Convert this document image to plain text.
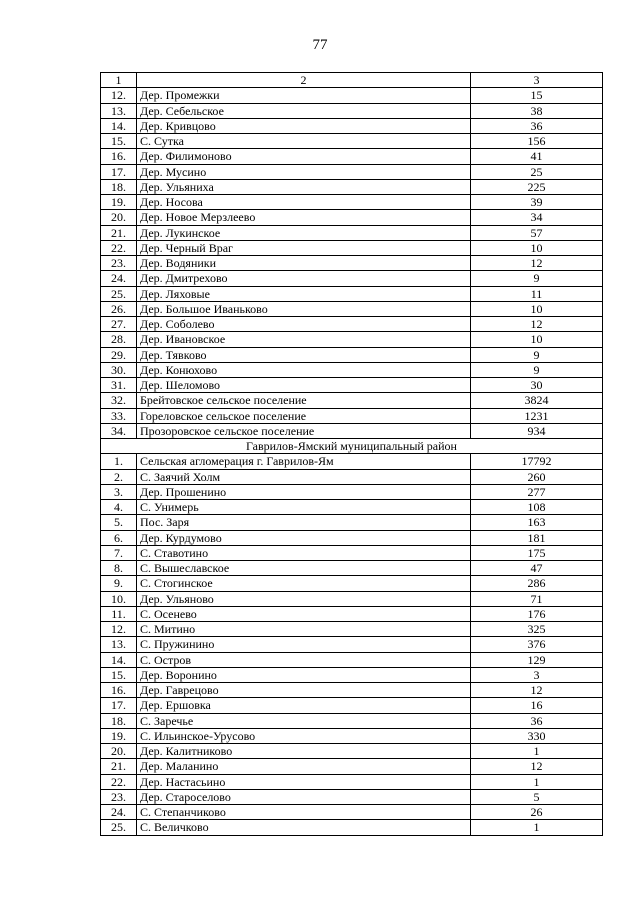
77
1	2	3
12.	Дер. Промежки	15
13.	Дер. Себельское	38
14.	Дер. Кривцово	36
15.	С. Сутка	156
16.	Дер. Филимоново	41
17.	Дер. Мусино	25
18.	Дер. Ульяниха	225
19.	Дер. Носова	39
20.	Дер. Новое Мерзлеево	34
21.	Дер. Лукинское	57
22.	Дер. Черный Враг	10
23.	Дер. Водяники	12
24.	Дер. Дмитрехово	9
25.	Дер. Ляховые	11
26.	Дер. Большое Иваньково	10
27.	Дер. Соболево	12
28.	Дер. Ивановское	10
29.	Дер. Тявково	9
30.	Дер. Конюхово	9
31.	Дер. Шеломово	30
32.	Брейтовское сельское поселение	3824
33.	Гореловское сельское поселение	1231
34.	Прозоровское сельское поселение	934
Гаврилов-Ямский муниципальный район		
1.	Сельская агломерация г. Гаврилов-Ям	17792
2.	С. Заячий Холм	260
3.	Дер. Прошенино	277
4.	С. Унимерь	108
5.	Пос. Заря	163
6.	Дер. Курдумово	181
7.	С. Ставотино	175
8.	С. Вышеславское	47
9.	С. Стогинское	286
10.	Дер. Ульяново	71
11.	С. Осенево	176
12.	С. Митино	325
13.	С. Пружинино	376
14.	С. Остров	129
15.	Дер. Воронино	3
16.	Дер. Гаврецово	12
17.	Дер. Ершовка	16
18.	С. Заречье	36
19.	С. Ильинское-Урусово	330
20.	Дер. Калитниково	1
21.	Дер. Маланино	12
22.	Дер. Настасьино	1
23.	Дер. Староселово	5
24.	С. Степанчиково	26
25.	С. Величково	1
